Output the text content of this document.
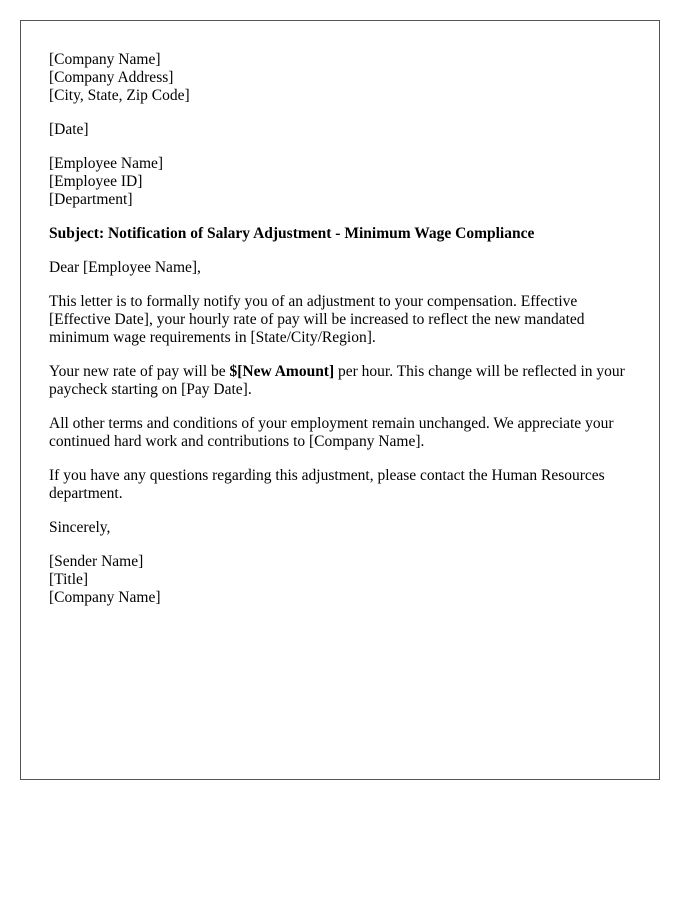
[Company Name]
[Company Address]
[City, State, Zip Code]
[Date]
[Employee Name]
[Employee ID]
[Department]
Subject: Notification of Salary Adjustment - Minimum Wage Compliance

Dear [Employee Name],

This letter is to formally notify you of an adjustment to your compensation. Effective [Effective Date], your hourly rate of pay will be increased to reflect the new mandated minimum wage requirements in [State/City/Region].

Your new rate of pay will be $[New Amount] per hour. This change will be reflected in your paycheck starting on [Pay Date].

All other terms and conditions of your employment remain unchanged. We appreciate your continued hard work and contributions to [Company Name].

If you have any questions regarding this adjustment, please contact the Human Resources department.

Sincerely,

[Sender Name]
[Title]
[Company Name]
